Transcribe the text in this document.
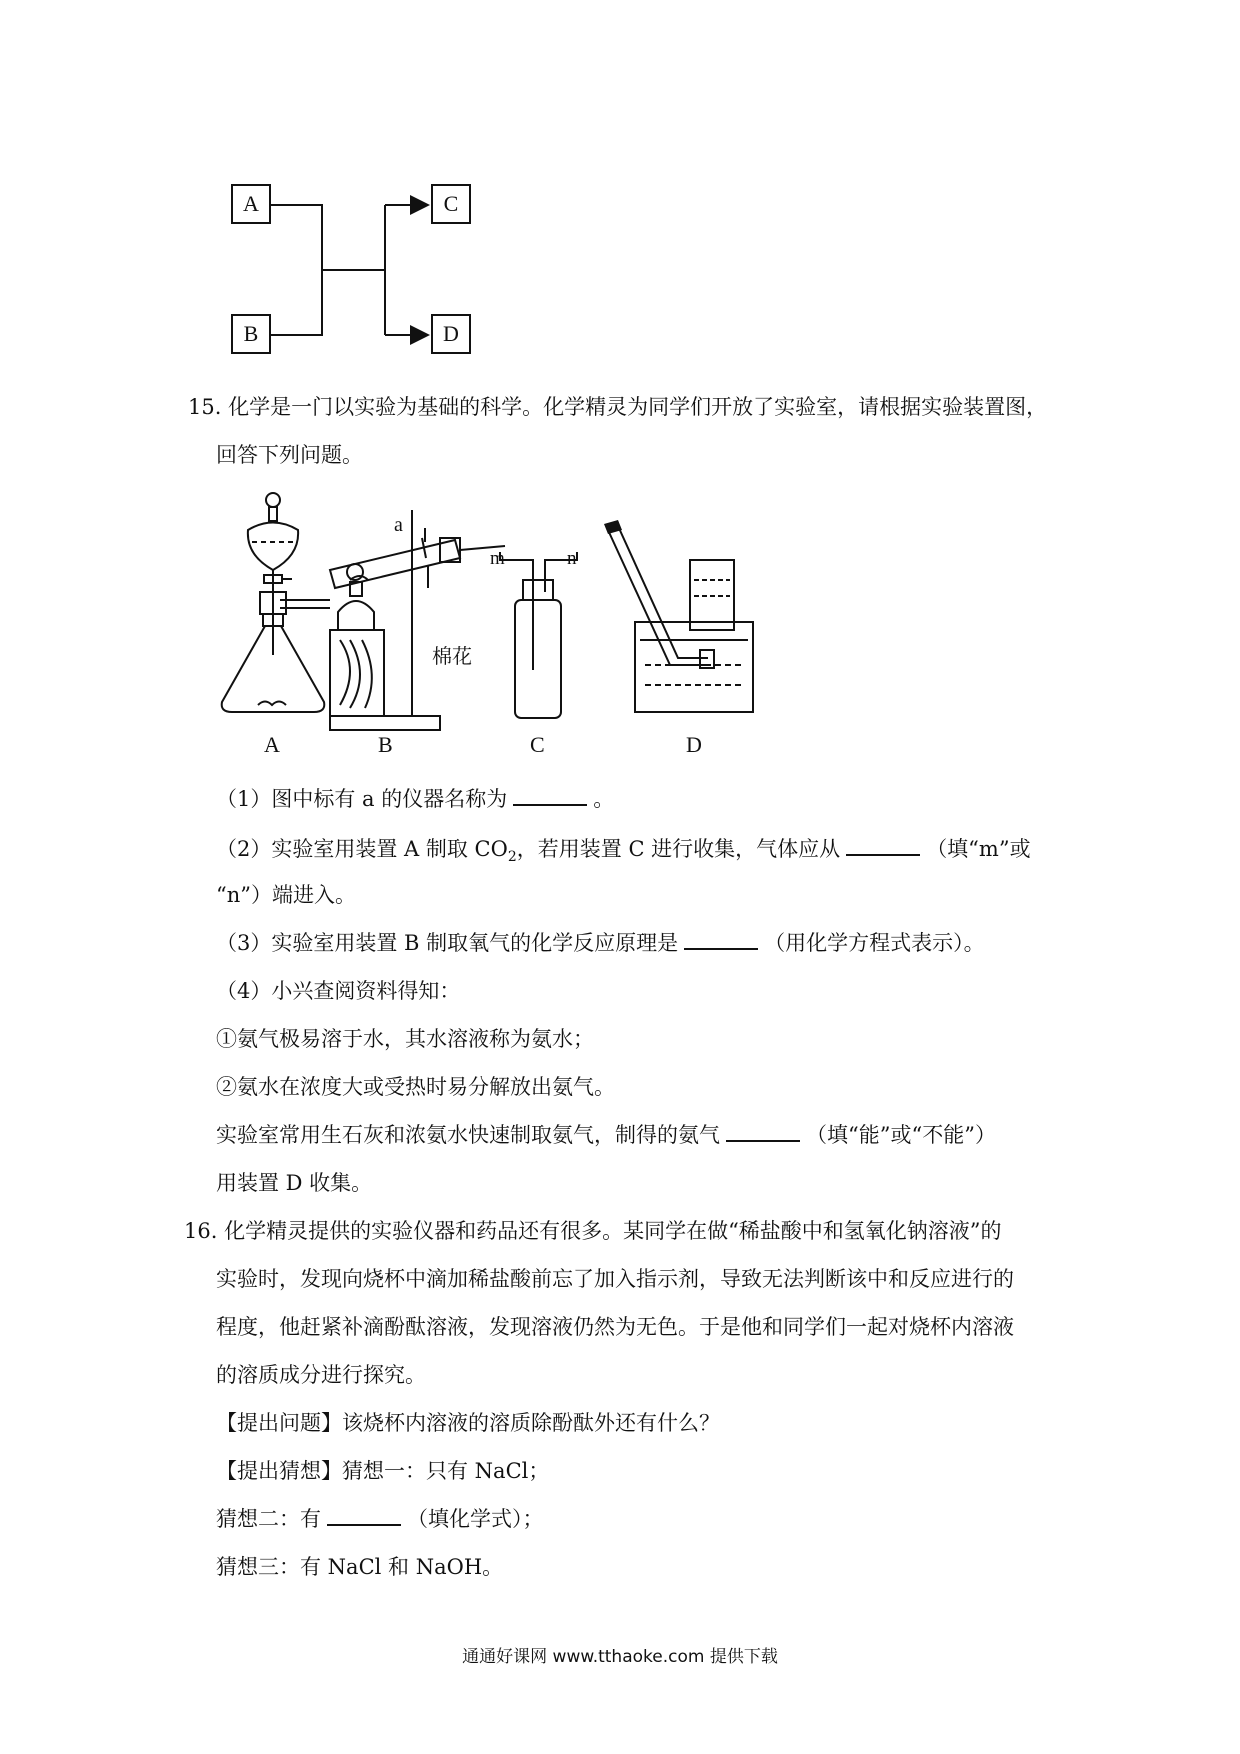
A
B
C
D
15. 化学是一门以实验为基础的科学。化学精灵为同学们开放了实验室，请根据实验装置图，
回答下列问题。
A	B	C	D
a
m	n
棉花
（1）图中标有 a 的仪器名称为	。
（2）实验室用装置 A 制取 $CO_2$，若用装置 C 进行收集，气体应从	（填“m”或
“n”）端进入。
（3）实验室用装置 B 制取氧气的化学反应原理是	（用化学方程式表示）。
（4）小兴查阅资料得知：
①氨气极易溶于水，其水溶液称为氨水；
②氨水在浓度大或受热时易分解放出氨气。
实验室常用生石灰和浓氨水快速制取氨气，制得的氨气	（填“能”或“不能”）
用装置 D 收集。
16. 化学精灵提供的实验仪器和药品还有很多。某同学在做“稀盐酸中和氢氧化钠溶液”的
实验时，发现向烧杯中滴加稀盐酸前忘了加入指示剂，导致无法判断该中和反应进行的
程度，他赶紧补滴酚酞溶液，发现溶液仍然为无色。于是他和同学们一起对烧杯内溶液
的溶质成分进行探究。
【提出问题】该烧杯内溶液的溶质除酚酞外还有什么？
【提出猜想】猜想一：只有 NaCl；
猜想二：有	（填化学式）；
猜想三：有 NaCl 和 NaOH。
通通好课网 www.tthaoke.com 提供下载
